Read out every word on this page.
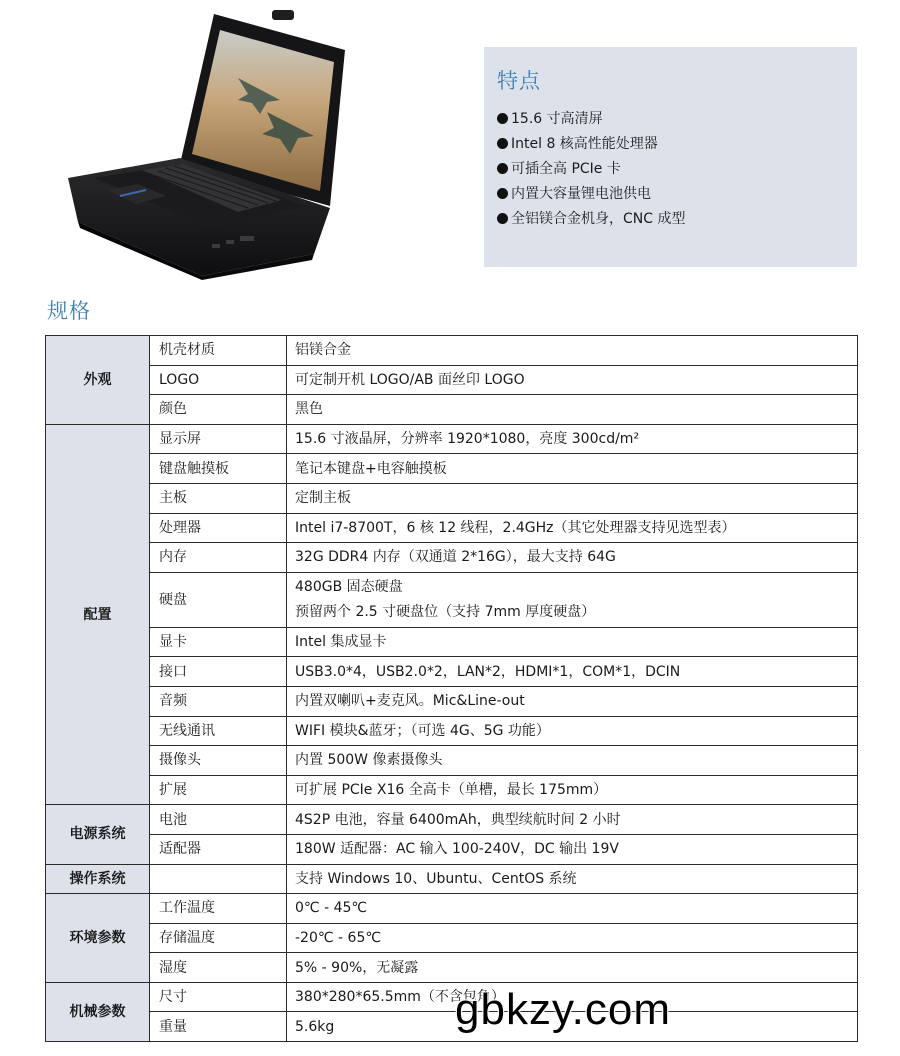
特点
15.6 寸高清屏
Intel 8 核高性能处理器
可插全高 PCIe 卡
内置大容量锂电池供电
全铝镁合金机身，CNC 成型
规格
外观	机壳材质	铝镁合金
	LOGO	可定制开机 LOGO/AB 面丝印 LOGO
	颜色	黑色
配置	显示屏	15.6 寸液晶屏，分辨率 1920*1080，亮度 300cd/m²
	键盘触摸板	笔记本键盘+电容触摸板
	主板	定制主板
	处理器	Intel i7-8700T，6 核 12 线程，2.4GHz（其它处理器支持见选型表）
	内存	32G DDR4 内存（双通道 2*16G），最大支持 64G
	硬盘	480GB 固态硬盘
预留两个 2.5 寸硬盘位（支持 7mm 厚度硬盘）

	显卡	Intel 集成显卡
	接口	USB3.0*4，USB2.0*2，LAN*2，HDMI*1，COM*1，DCIN
	音频	内置双喇叭+麦克风。Mic&Line-out
	无线通讯	WIFI 模块&蓝牙；（可选 4G、5G 功能）
	摄像头	内置 500W 像素摄像头
	扩展	可扩展 PCIe X16 全高卡（单槽，最长 175mm）
电源系统	电池	4S2P 电池，容量 6400mAh，典型续航时间 2 小时
	适配器	180W 适配器：AC 输入 100-240V，DC 输出 19V
操作系统		支持 Windows 10、Ubuntu、CentOS 系统
环境参数	工作温度	0℃ - 45℃
	存储温度	-20℃ - 65℃
	湿度	5% - 90%，无凝露
机械参数	尺寸	380*280*65.5mm（不含包角）
	重量	5.6kg	gbkzy.com
